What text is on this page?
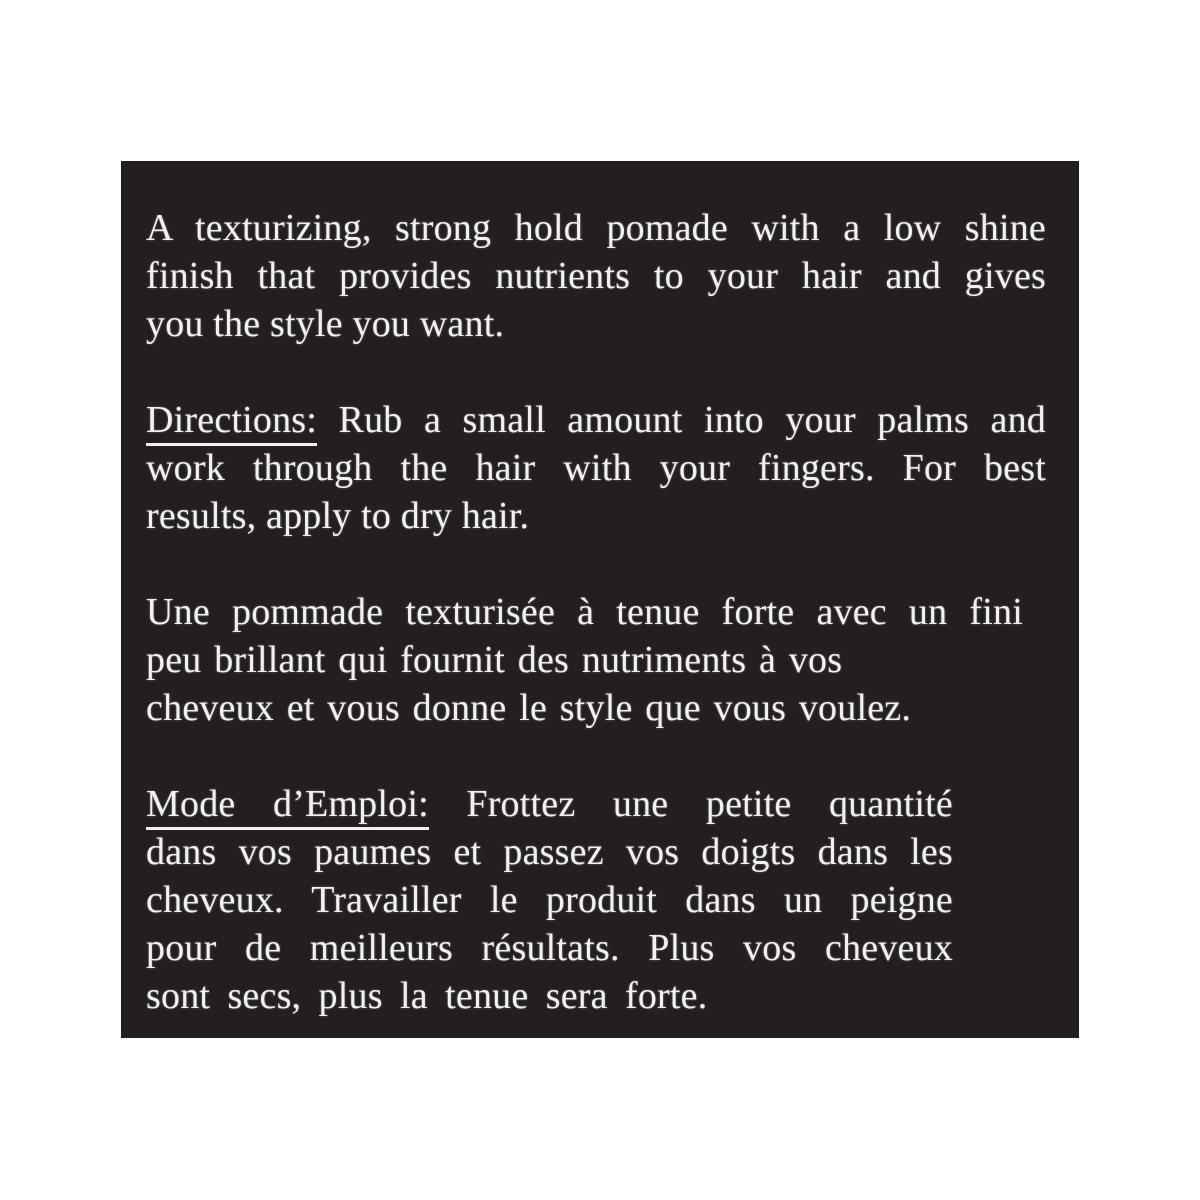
A texturizing, strong hold pomade with a low shine
finish that provides nutrients to your hair and gives
you the style you want.
Directions: Rub a small amount into your palms and
work through the hair with your fingers. For best
results, apply to dry hair.
Une pommade texturisée à tenue forte avec un fini
peu brillant qui fournit des nutriments à vos
cheveux et vous donne le style que vous voulez.
Mode d’Emploi: Frottez une petite quantité
dans vos paumes et passez vos doigts dans les
cheveux. Travailler le produit dans un peigne
pour de meilleurs résultats. Plus vos cheveux
sont secs, plus la tenue sera forte.
